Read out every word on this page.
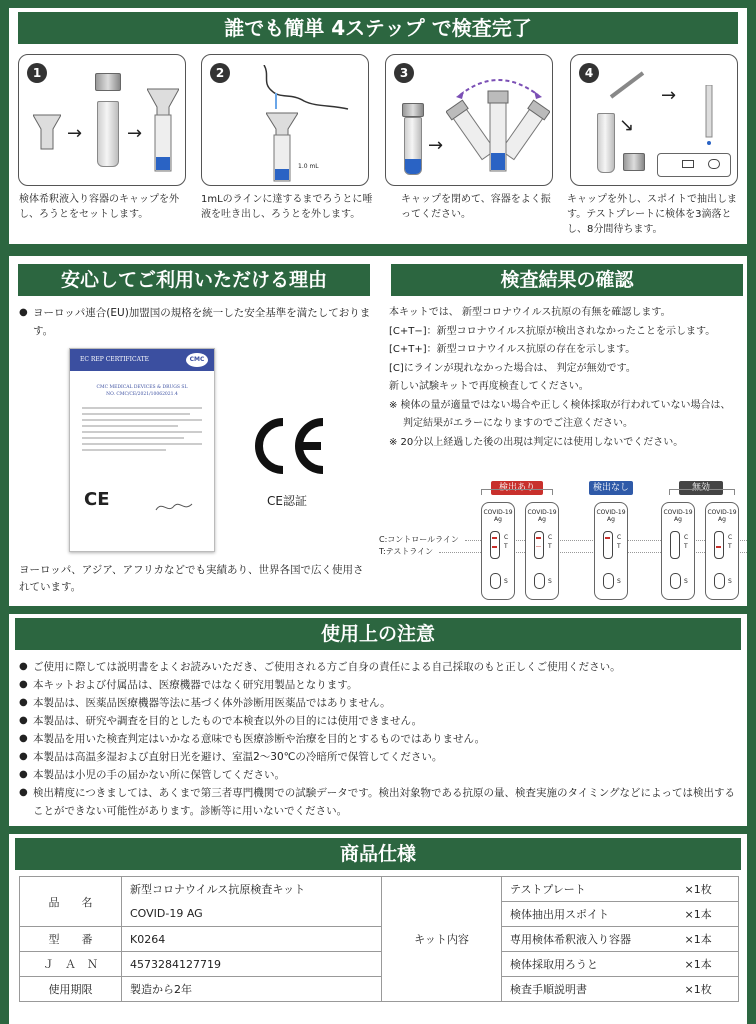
誰でも簡単 4ステップ で検査完了
1
→ →
検体希釈液入り容器のキャップを外し、ろうとをセットします。
2
1.0 mL
1mLのラインに達するまでろうとに唾液を吐き出し、ろうとを外します。
3
→
キャップを閉めて、容器をよく振ってください。
4
→
→
キャップを外し、スポイトで抽出します。テストプレートに検体を3滴落とし、8分間待ちます。
安心してご利用いただける理由
● ヨーロッパ連合(EU)加盟国の規格を統一した安全基準を満たしております。
EC REP CERTIFICATE	CMC
CMC MEDICAL DEVICES & DRUGS SL
NO. CMC/CE/2021/10062021.4
CE	CE認証
ヨーロッパ、アジア、アフリカなどでも実績あり、世界各国で広く使用されています。
検査結果の確認
本キットでは、 新型コロナウイルス抗原の有無を確認します。
[C+T−]：新型コロナウイルス抗原が検出されなかったことを示します。
[C+T+]：新型コロナウイルス抗原の存在を示します。
[C]にラインが現れなかった場合は、 判定が無効です。
新しい試験キットで再度検査してください。
※ 検体の量が適量ではない場合や正しく検体採取が行われていない場合は、
判定結果がエラーになりますのでご注意ください。
※ 20分以上経過した後の出現は判定には使用しないでください。
検出あり	検出なし	無効
C:コントロールライン
T:テストライン
COVID-19
Ag
C
T
S
COVID-19
Ag
C
T
S
COVID-19
Ag
C
T
S
COVID-19
Ag
C
T
S
COVID-19
Ag
C
T
S
使用上の注意
● ご使用に際しては説明書をよくお読みいただき、ご使用される方ご自身の責任による自己採取のもと正しくご使用ください。
● 本キットおよび付属品は、医療機器ではなく研究用製品となります。
● 本製品は、医薬品医療機器等法に基づく体外診断用医薬品ではありません。
● 本製品は、研究や調査を目的としたもので本検査以外の目的には使用できません。
● 本製品を用いた検査判定はいかなる意味でも医療診断や治療を目的とするものではありません。
● 本製品は高温多湿および直射日光を避け、室温2～30℃の冷暗所で保管してください。
● 本製品は小児の手の届かない所に保管してください。
● 検出精度につきましては、あくまで第三者専門機関での試験データです。検出対象物である抗原の量、検査実施のタイミングなどによっては検出することができない可能性があります。診断等に用いないでください。
商品仕様
品　　名	新型コロナウイルス抗原検査キット	キット内容	テストプレート	×1枚
	COVID-19 AG		検体抽出用スポイト	×1本
型　　番	K0264		専用検体希釈液入り容器	×1本
Ｊ　Ａ　Ｎ	4573284127719		検体採取用ろうと	×1本
使用期限	製造から2年		検査手順説明書	×1枚
